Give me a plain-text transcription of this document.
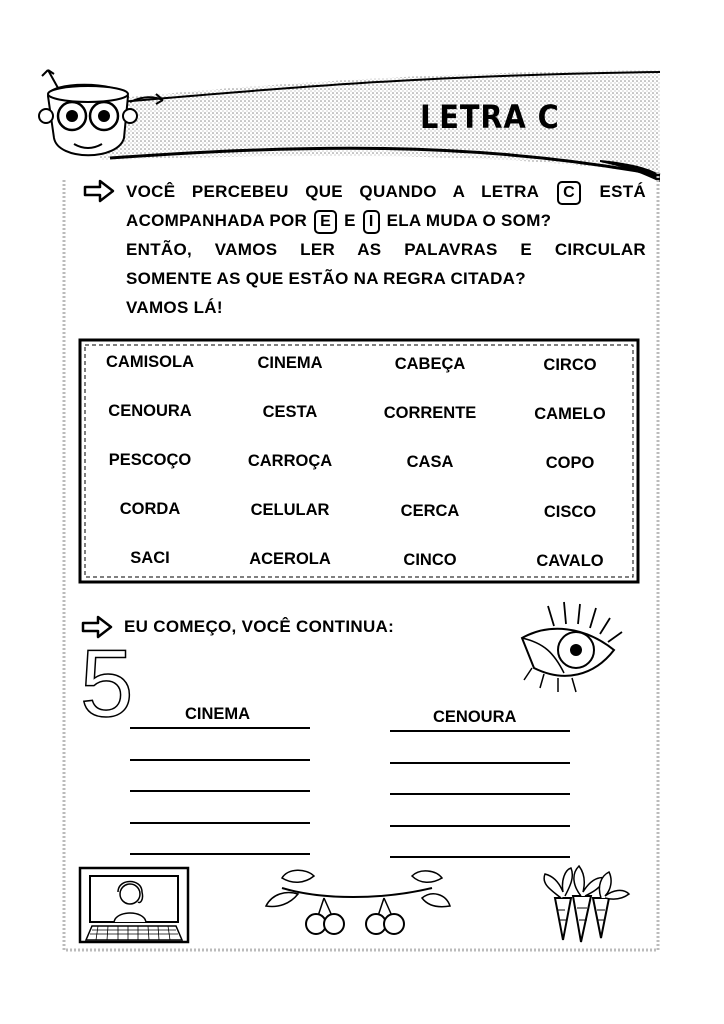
LETRA C
VOCÊ PERCEBEU QUE QUANDO A LETRA C ESTÁ
ACOMPANHADA POR E E I ELA MUDA O SOM?
ENTÃO, VAMOS LER AS PALAVRAS E CIRCULAR
SOMENTE AS QUE ESTÃO NA REGRA CITADA?
VAMOS LÁ!
CAMISOLA	CINEMA	CABEÇA	CIRCO
CENOURA	CESTA	CORRENTE	CAMELO
PESCOÇO	CARROÇA	CASA	COPO
CORDA	CELULAR	CERCA	CISCO
SACI	ACEROLA	CINCO	CAVALO
EU COMEÇO, VOCÊ CONTINUA:
5	CINEMA	CENOURA
